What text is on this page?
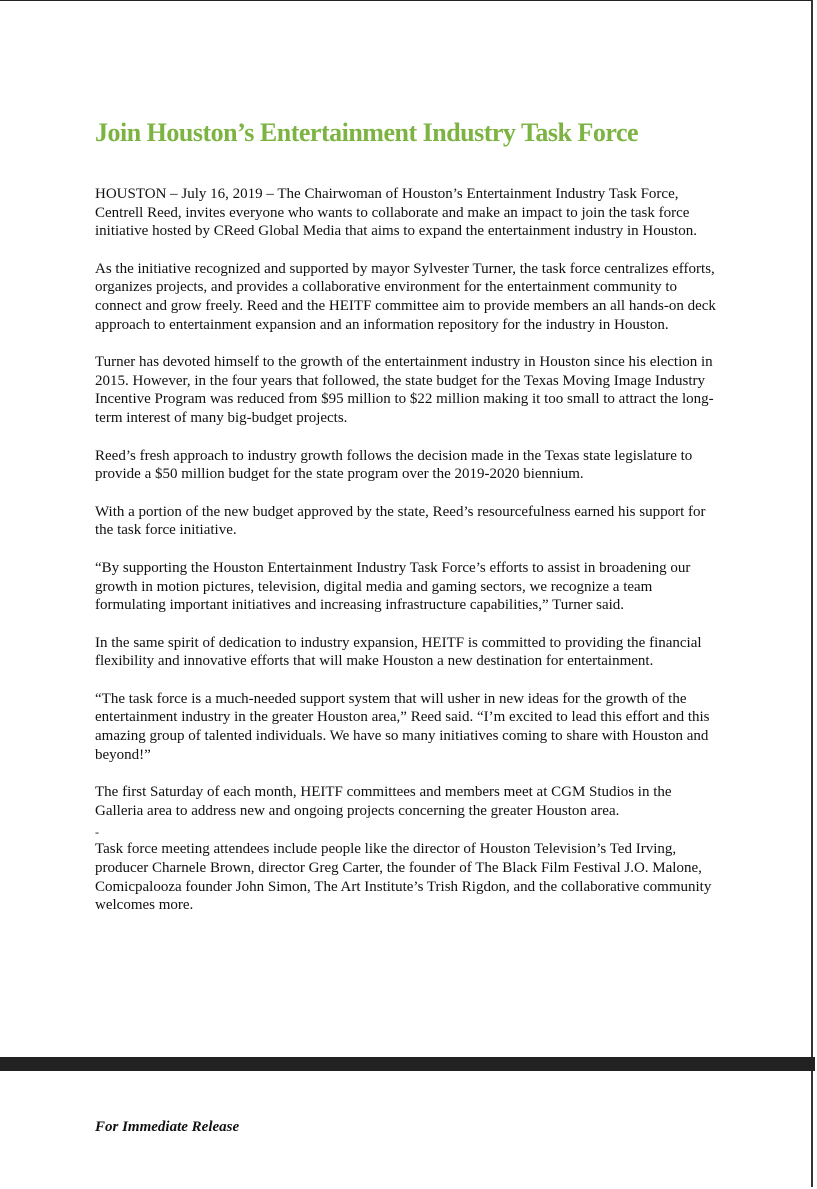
Join Houston’s Entertainment Industry Task Force

HOUSTON – July 16, 2019 – The Chairwoman of Houston’s Entertainment Industry Task Force, Centrell Reed, invites everyone who wants to collaborate and make an impact to join the task force initiative hosted by CReed Global Media that aims to expand the entertainment industry in Houston.

As the initiative recognized and supported by mayor Sylvester Turner, the task force centralizes efforts, organizes projects, and provides a collaborative environment for the entertainment community to connect and grow freely. Reed and the HEITF committee aim to provide members an all hands-on deck approach to entertainment expansion and an information repository for the industry in Houston.

Turner has devoted himself to the growth of the entertainment industry in Houston since his election in 2015. However, in the four years that followed, the state budget for the Texas Moving Image Industry Incentive Program was reduced from $95 million to $22 million making it too small to attract the long-term interest of many big-budget projects.

Reed’s fresh approach to industry growth follows the decision made in the Texas state legislature to provide a $50 million budget for the state program over the 2019-2020 biennium.

With a portion of the new budget approved by the state, Reed’s resourcefulness earned his support for the task force initiative.

“By supporting the Houston Entertainment Industry Task Force’s efforts to assist in broadening our growth in motion pictures, television, digital media and gaming sectors, we recognize a team formulating important initiatives and increasing infrastructure capabilities,” Turner said.

In the same spirit of dedication to industry expansion, HEITF is committed to providing the financial flexibility and innovative efforts that will make Houston a new destination for entertainment.

“The task force is a much-needed support system that will usher in new ideas for the growth of the entertainment industry in the greater Houston area,” Reed said. “I’m excited to lead this effort and this amazing group of talented individuals. We have so many initiatives coming to share with Houston and beyond!”

The first Saturday of each month, HEITF committees and members meet at CGM Studios in the Galleria area to address new and ongoing projects concerning the greater Houston area.

-

Task force meeting attendees include people like the director of Houston Television’s Ted Irving, producer Charnele Brown, director Greg Carter, the founder of The Black Film Festival J.O. Malone, Comicpalooza founder John Simon, The Art Institute’s Trish Rigdon, and the collaborative community welcomes more.

For Immediate Release
